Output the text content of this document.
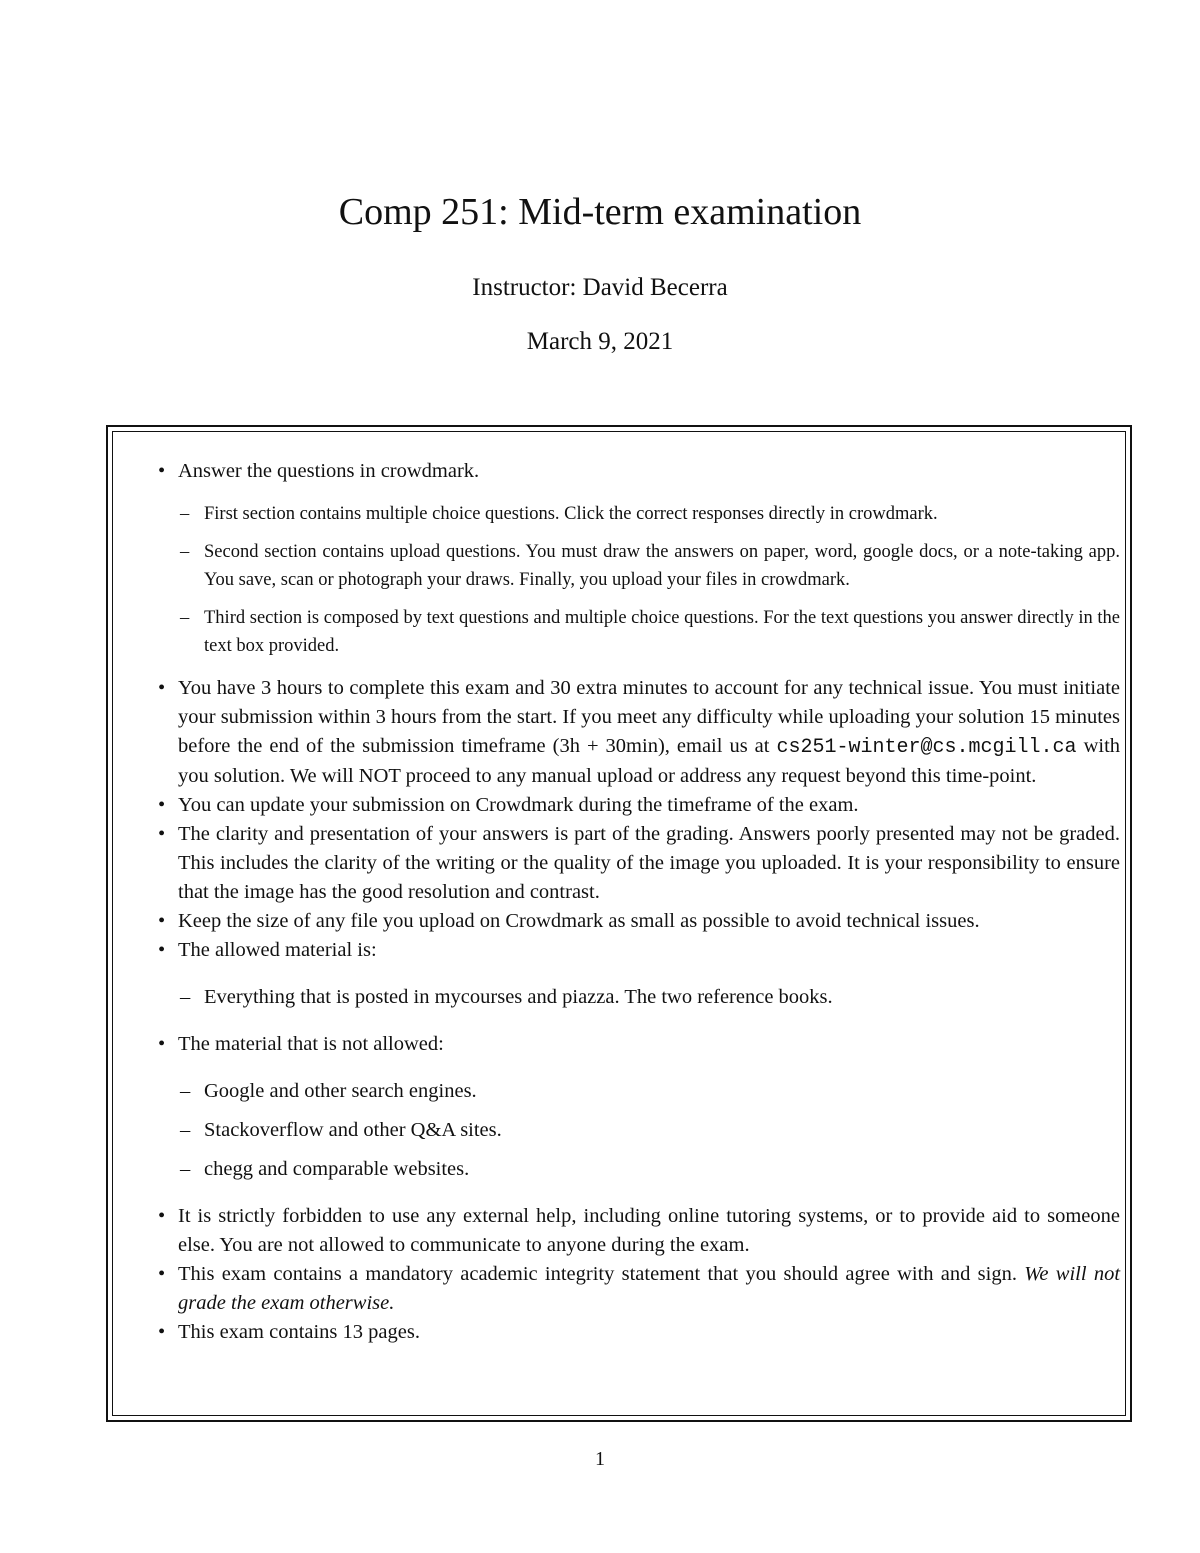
Comp 251: Mid-term examination
Instructor: David Becerra
March 9, 2021
• Answer the questions in crowdmark.
– First section contains multiple choice questions. Click the correct responses directly in crowdmark.
– Second section contains upload questions. You must draw the answers on paper, word, google docs, or a note-taking app. You save, scan or photograph your draws. Finally, you upload your files in crowdmark.
– Third section is composed by text questions and multiple choice questions. For the text questions you answer directly in the text box provided.
• You have 3 hours to complete this exam and 30 extra minutes to account for any technical issue. You must initiate your submission within 3 hours from the start. If you meet any difficulty while uploading your solution 15 minutes before the end of the submission timeframe (3h + 30min), email us at cs251-winter@cs.mcgill.ca with you solution. We will NOT proceed to any manual upload or address any request beyond this time-point.
• You can update your submission on Crowdmark during the timeframe of the exam.
• The clarity and presentation of your answers is part of the grading. Answers poorly presented may not be graded. This includes the clarity of the writing or the quality of the image you uploaded. It is your responsibility to ensure that the image has the good resolution and contrast.
• Keep the size of any file you upload on Crowdmark as small as possible to avoid technical issues.
• The allowed material is:
– Everything that is posted in mycourses and piazza. The two reference books.
• The material that is not allowed:
– Google and other search engines.
– Stackoverflow and other Q&A sites.
– chegg and comparable websites.
• It is strictly forbidden to use any external help, including online tutoring systems, or to provide aid to someone else. You are not allowed to communicate to anyone during the exam.
• This exam contains a mandatory academic integrity statement that you should agree with and sign. We will not grade the exam otherwise.
• This exam contains 13 pages.
1
